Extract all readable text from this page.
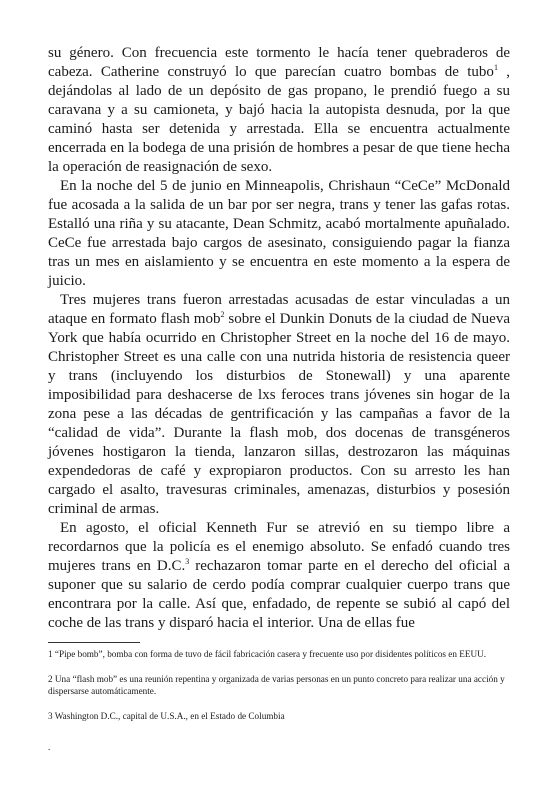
su género. Con frecuencia este tormento le hacía tener quebraderos de cabeza. Catherine construyó lo que parecían cuatro bombas de tubo$^1$ , dejándolas al lado de un depósito de gas propano, le prendió fuego a su caravana y a su camioneta, y bajó hacia la autopista desnuda, por la que caminó hasta ser detenida y arrestada. Ella se encuentra actualmente encerrada en la bodega de una prisión de hombres a pesar de que tiene hecha la operación de reasignación de sexo.

En la noche del 5 de junio en Minneapolis, Chrishaun “CeCe” McDonald fue acosada a la salida de un bar por ser negra, trans y tener las gafas rotas. Estalló una riña y su atacante, Dean Schmitz, acabó mortalmente apuñalado. CeCe fue arrestada bajo cargos de asesinato, consiguiendo pagar la fianza tras un mes en aislamiento y se encuentra en este momento a la espera de juicio.

Tres mujeres trans fueron arrestadas acusadas de estar vinculadas a un ataque en formato flash mob$^2$ sobre el Dunkin Donuts de la ciudad de Nueva York que había ocurrido en Christopher Street en la noche del 16 de mayo. Christopher Street es una calle con una nutrida historia de resistencia queer y trans (incluyendo los disturbios de Stonewall) y una aparente imposibilidad para deshacerse de lxs feroces trans jóvenes sin hogar de la zona pese a las décadas de gentrificación y las campañas a favor de la “calidad de vida”. Durante la flash mob, dos docenas de transgéneros jóvenes hostigaron la tienda, lanzaron sillas, destrozaron las máquinas expendedoras de café y expropiaron productos. Con su arresto les han cargado el asalto, travesuras criminales, amenazas, disturbios y posesión criminal de armas.

En agosto, el oficial Kenneth Fur se atrevió en su tiempo libre a recordarnos que la policía es el enemigo absoluto. Se enfadó cuando tres mujeres trans en D.C.$^3$ rechazaron tomar parte en el derecho del oficial a suponer que su salario de cerdo podía comprar cualquier cuerpo trans que encontrara por la calle. Así que, enfadado, de repente se subió al capó del coche de las trans y disparó hacia el interior. Una de ellas fue

1 “Pipe bomb”, bomba con forma de tuvo de fácil fabricación casera y frecuente uso por disidentes políticos en EEUU.

2 Una “flash mob” es una reunión repentina y organizada de varias personas en un punto concreto para realizar una acción y dispersarse automáticamente.

3 Washington D.C., capital de U.S.A., en el Estado de Columbia

.
